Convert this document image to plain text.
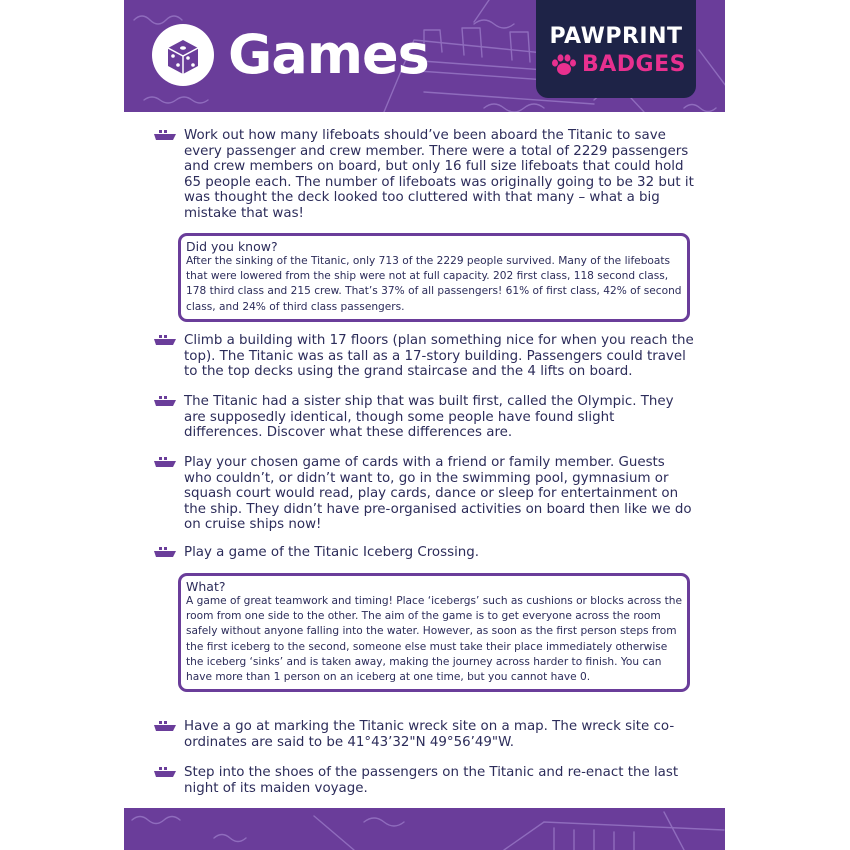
Games	PAWPRINT
BADGES
Work out how many lifeboats should’ve been aboard the Titanic to save every passenger and crew member. There were a total of 2229 passengers and crew members on board, but only 16 full size lifeboats that could hold 65 people each. The number of lifeboats was originally going to be 32 but it was thought the deck looked too cluttered with that many – what a big mistake that was!
Did you know?
After the sinking of the Titanic, only 713 of the 2229 people survived. Many of the lifeboats that were lowered from the ship were not at full capacity. 202 first class, 118 second class, 178 third class and 215 crew. That’s 37% of all passengers! 61% of first class, 42% of second class, and 24% of third class passengers.
Climb a building with 17 floors (plan something nice for when you reach the top). The Titanic was as tall as a 17-story building. Passengers could travel to the top decks using the grand staircase and the 4 lifts on board.
The Titanic had a sister ship that was built first, called the Olympic. They are supposedly identical, though some people have found slight differences. Discover what these differences are.
Play your chosen game of cards with a friend or family member. Guests who couldn’t, or didn’t want to, go in the swimming pool, gymnasium or squash court would read, play cards, dance or sleep for entertainment on the ship. They didn’t have pre-organised activities on board then like we do on cruise ships now!
Play a game of the Titanic Iceberg Crossing.
What?
A game of great teamwork and timing! Place ‘icebergs’ such as cushions or blocks across the room from one side to the other. The aim of the game is to get everyone across the room safely without anyone falling into the water. However, as soon as the first person steps from the first iceberg to the second, someone else must take their place immediately otherwise the iceberg ‘sinks’ and is taken away, making the journey across harder to finish. You can have more than 1 person on an iceberg at one time, but you cannot have 0.
Have a go at marking the Titanic wreck site on a map. The wreck site co-ordinates are said to be 41°43’32"N 49°56’49"W.
Step into the shoes of the passengers on the Titanic and re-enact the last night of its maiden voyage.
